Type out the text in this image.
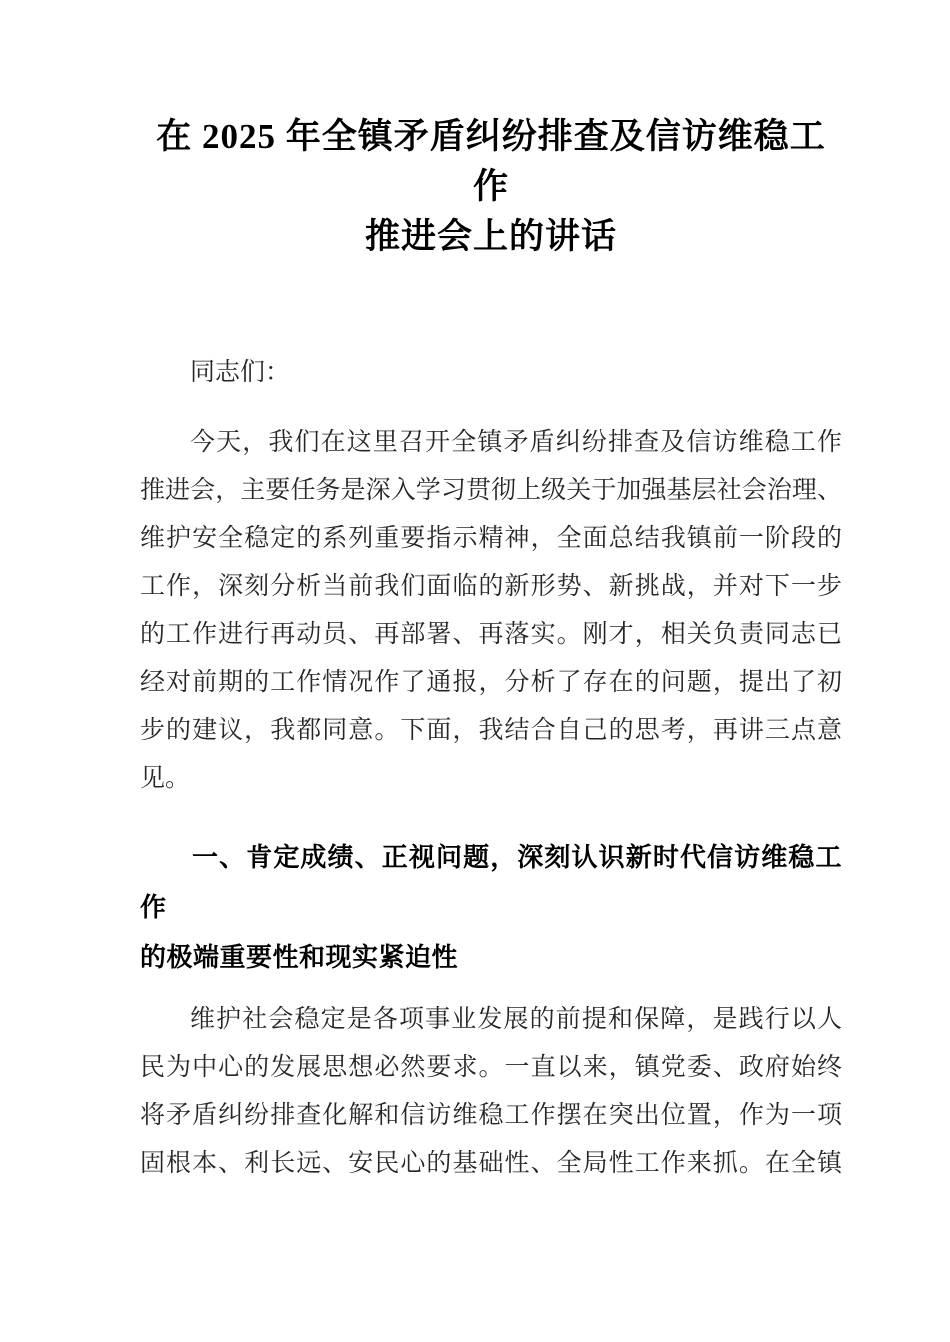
在 2025 年全镇矛盾纠纷排查及信访维稳工作
推进会上的讲话

同志们：

今天，我们在这里召开全镇矛盾纠纷排查及信访维稳工作
推进会，主要任务是深入学习贯彻上级关于加强基层社会治理、
维护安全稳定的系列重要指示精神，全面总结我镇前一阶段的
工作，深刻分析当前我们面临的新形势、新挑战，并对下一步
的工作进行再动员、再部署、再落实。刚才，相关负责同志已
经对前期的工作情况作了通报，分析了存在的问题，提出了初
步的建议，我都同意。下面，我结合自己的思考，再讲三点意
见。
一、肯定成绩、正视问题，深刻认识新时代信访维稳工作
的极端重要性和现实紧迫性
维护社会稳定是各项事业发展的前提和保障，是践行以人
民为中心的发展思想必然要求。一直以来，镇党委、政府始终
将矛盾纠纷排查化解和信访维稳工作摆在突出位置，作为一项
固根本、利长远、安民心的基础性、全局性工作来抓。在全镇
